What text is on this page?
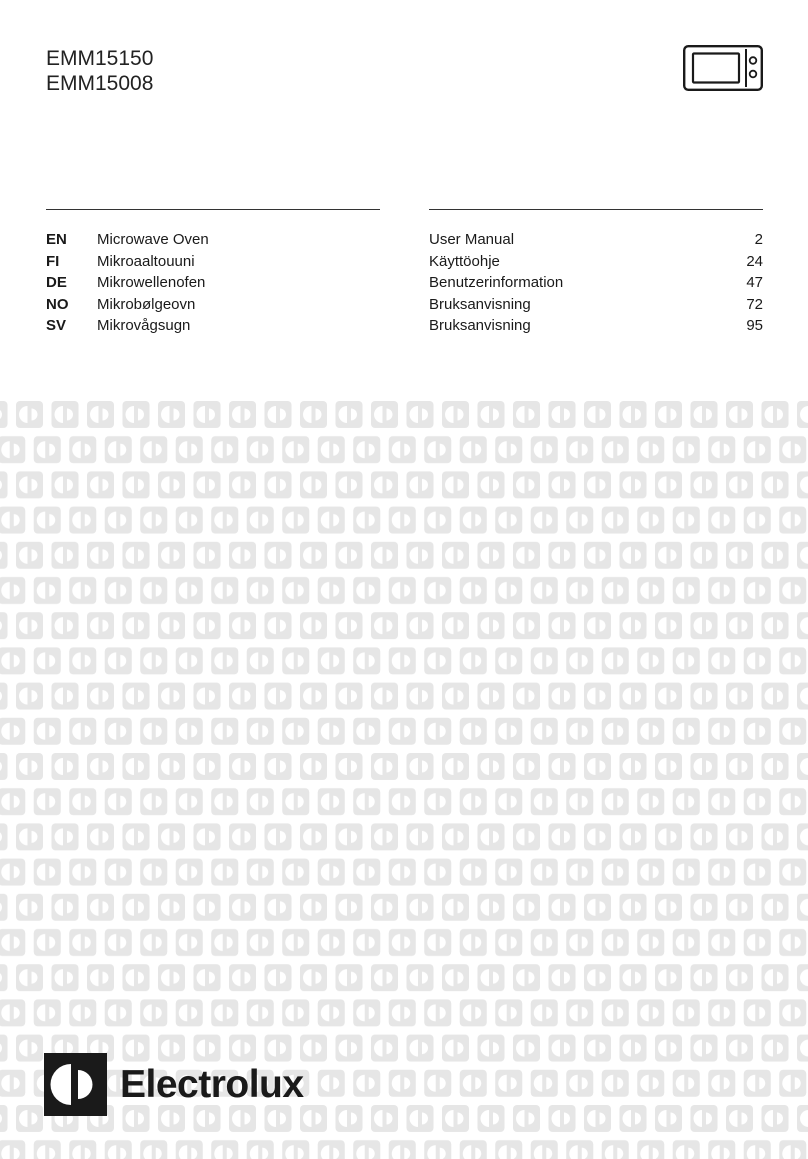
EMM15150
EMM15008
EN Microwave Oven	User Manual	2
FI	Mikroaaltouuni	Käyttöohje	24
DE Mikrowellenofen	Benutzerinformation	47
NO Mikrobølgeovn	Bruksanvisning	72
SV Mikrovågsugn	Bruksanvisning	95
Electrolux
